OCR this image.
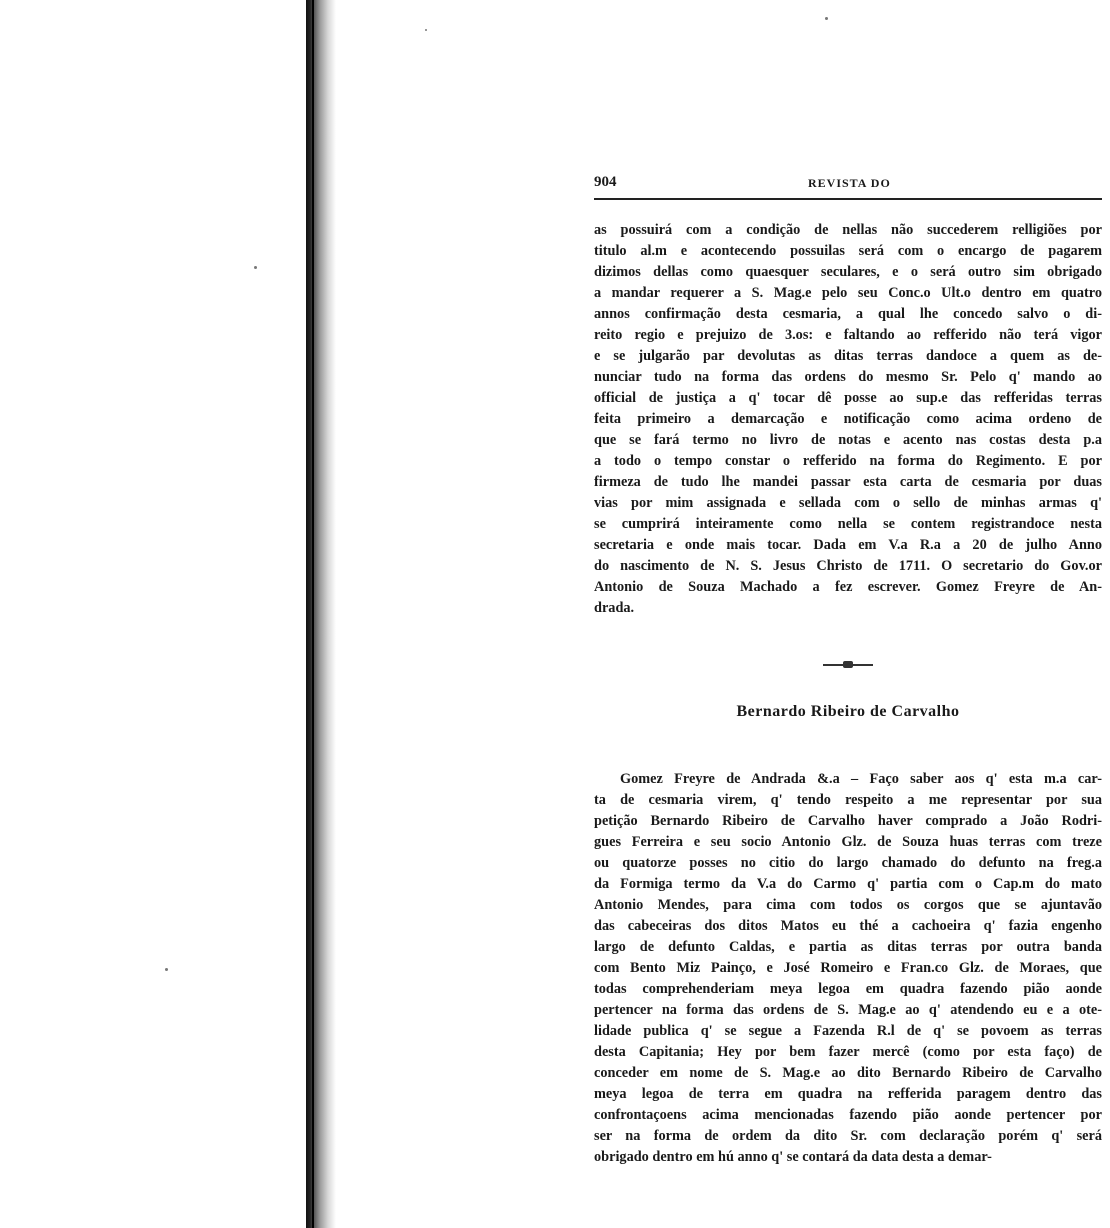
904	REVISTA DO

as possuirá com a condição de nellas não succederem relligiões por
titulo al.m e acontecendo possuilas será com o encargo de pagarem
dizimos dellas como quaesquer seculares, e o será outro sim obrigado
a mandar requerer a S. Mag.e pelo seu Conc.o Ult.o dentro em quatro
annos confirmação desta cesmaria, a qual lhe concedo salvo o di-
reito regio e prejuizo de 3.os: e faltando ao refferido não terá vigor
e se julgarão par devolutas as ditas terras dandoce a quem as de-
nunciar tudo na forma das ordens do mesmo Sr. Pelo q' mando ao
official de justiça a q' tocar dê posse ao sup.e das refferidas terras
feita primeiro a demarcação e notificação como acima ordeno de
que se fará termo no livro de notas e acento nas costas desta p.a
a todo o tempo constar o refferido na forma do Regimento. E por
firmeza de tudo lhe mandei passar esta carta de cesmaria por duas
vias por mim assignada e sellada com o sello de minhas armas q'
se cumprirá inteiramente como nella se contem registrandoce nesta
secretaria e onde mais tocar. Dada em V.a R.a a 20 de julho Anno
do nascimento de N. S. Jesus Christo de 1711. O secretario do Gov.or
Antonio de Souza Machado a fez escrever. Gomez Freyre de An-
drada.

Bernardo Ribeiro de Carvalho

Gomez Freyre de Andrada &.a – Faço saber aos q' esta m.a car-
ta de cesmaria virem, q' tendo respeito a me representar por sua
petição Bernardo Ribeiro de Carvalho haver comprado a João Rodri-
gues Ferreira e seu socio Antonio Glz. de Souza huas terras com treze
ou quatorze posses no citio do largo chamado do defunto na freg.a
da Formiga termo da V.a do Carmo q' partia com o Cap.m do mato
Antonio Mendes, para cima com todos os corgos que se ajuntavão
das cabeceiras dos ditos Matos eu thé a cachoeira q' fazia engenho
largo de defunto Caldas, e partia as ditas terras por outra banda
com Bento Miz Painço, e José Romeiro e Fran.co Glz. de Moraes, que
todas comprehenderiam meya legoa em quadra fazendo pião aonde
pertencer na forma das ordens de S. Mag.e ao q' atendendo eu e a ote-
lidade publica q' se segue a Fazenda R.l de q' se povoem as terras
desta Capitania; Hey por bem fazer mercê (como por esta faço) de
conceder em nome de S. Mag.e ao dito Bernardo Ribeiro de Carvalho
meya legoa de terra em quadra na refferida paragem dentro das
confrontaçoens acima mencionadas fazendo pião aonde pertencer por
ser na forma de ordem da dito Sr. com declaração porém q' será
obrigado dentro em hú anno q' se contará da data desta a demar-
